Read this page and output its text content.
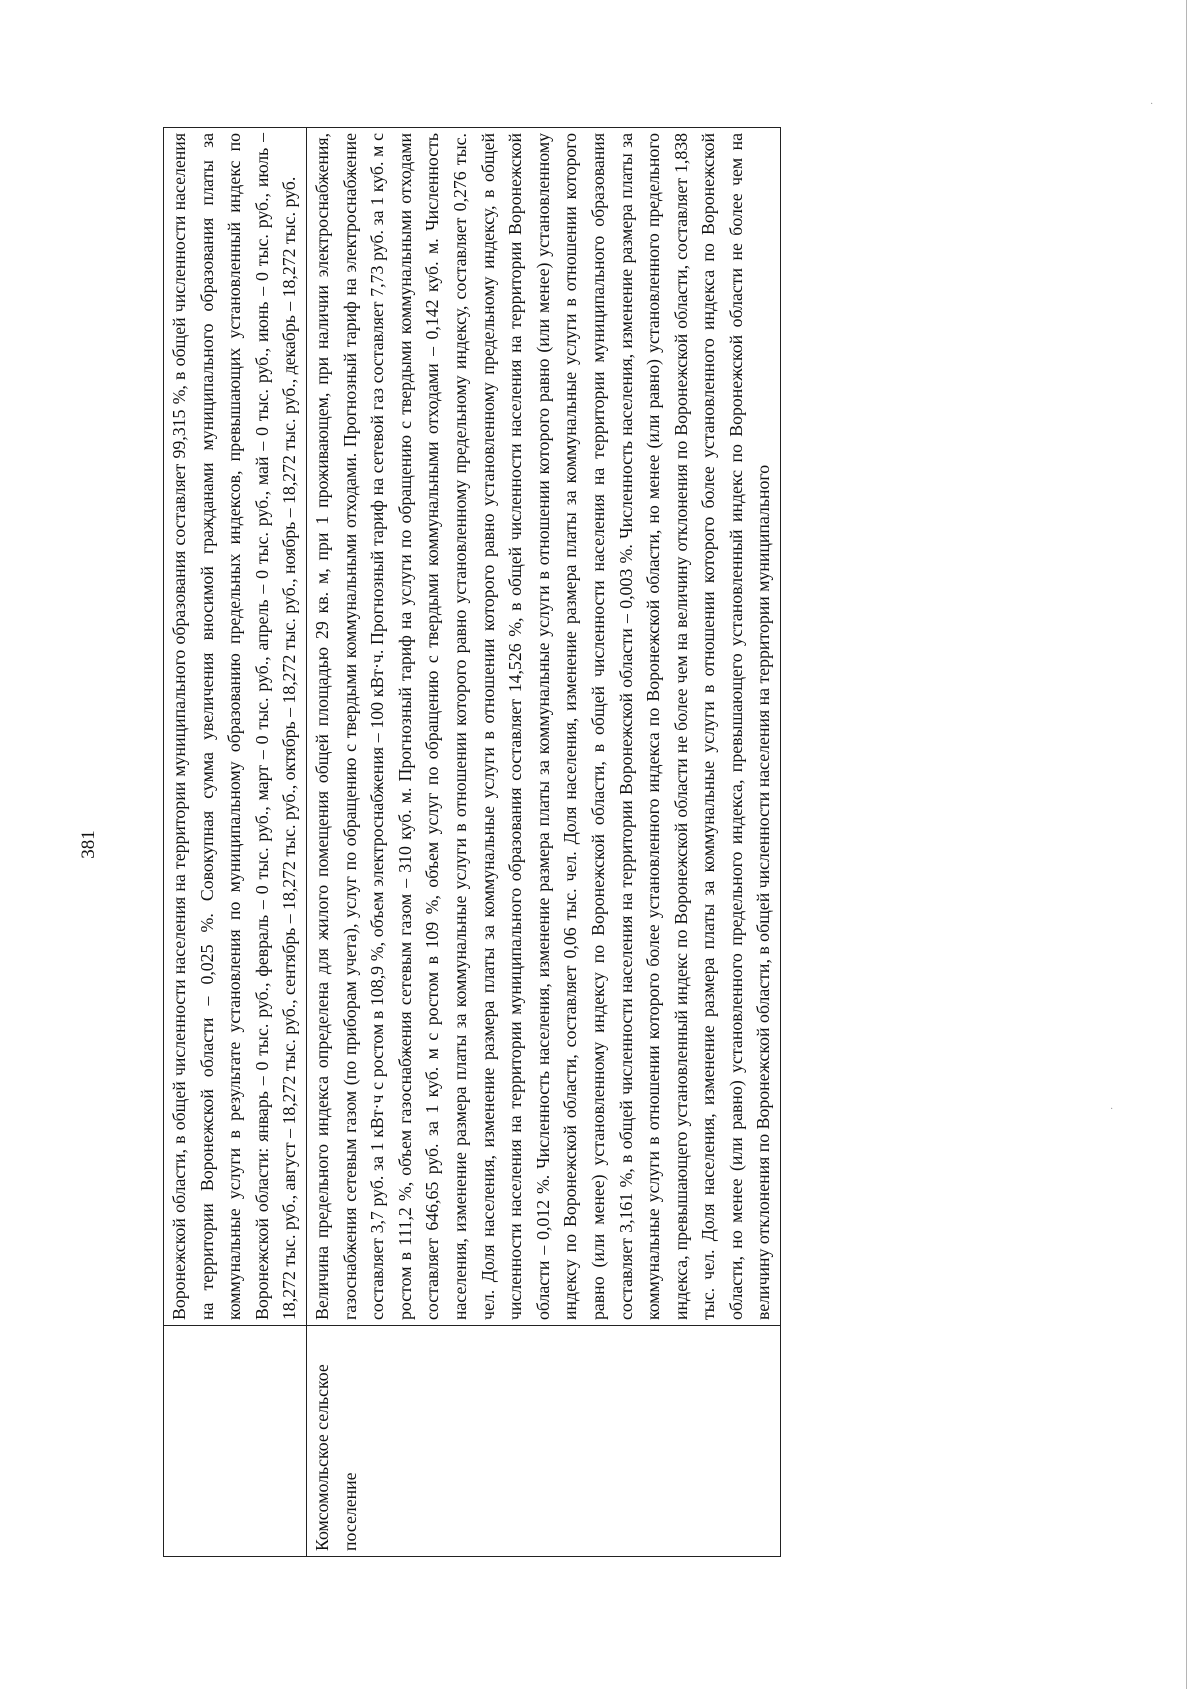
381
		Воронежской области, в общей численности населения на территории муниципального образования составляет 99,315 %, в общей численности населения на территории Воронежской области – 0,025 %. Совокупная сумма увеличения вносимой гражданами муниципального образования платы за коммунальные услуги в результате установления по муниципальному образованию предельных индексов, превышающих установленный индекс по Воронежской области: январь – 0 тыс. руб., февраль – 0 тыс. руб., март – 0 тыс. руб., апрель – 0 тыс. руб., май – 0 тыс. руб., июнь – 0 тыс. руб., июль – 18,272 тыс. руб., август – 18,272 тыс. руб., сентябрь – 18,272 тыс. руб., октябрь – 18,272 тыс. руб., ноябрь – 18,272 тыс. руб., декабрь – 18,272 тыс. руб.
Комсомольское сельское поселение	Величина предельного индекса определена для жилого помещения общей площадью 29 кв. м, при 1 проживающем, при наличии электроснабжения, газоснабжения сетевым газом (по приборам учета), услуг по обращению с твердыми коммунальными отходами. Прогнозный тариф на электроснабжение составляет 3,7 руб. за 1 кВт·ч с ростом в 108,9 %, объем электроснабжения – 100 кВт·ч. Прогнозный тариф на сетевой газ составляет 7,73 руб. за 1 куб. м с ростом в 111,2 %, объем газоснабжения сетевым газом – 310 куб. м. Прогнозный тариф на услуги по обращению с твердыми коммунальными отходами составляет 646,65 руб. за 1 куб. м с ростом в 109 %, объем услуг по обращению с твердыми коммунальными отходами – 0,142 куб. м. Численность населения, изменение размера платы за коммунальные услуги в отношении которого равно установленному предельному индексу, составляет 0,276 тыс. чел. Доля населения, изменение размера платы за коммунальные услуги в отношении которого равно установленному предельному индексу, в общей численности населения на территории муниципального образования составляет 14,526 %, в общей численности населения на территории Воронежской области – 0,012 %. Численность населения, изменение размера платы за коммунальные услуги в отношении которого равно (или менее) установленному индексу по Воронежской области, составляет 0,06 тыс. чел. Доля населения, изменение размера платы за коммунальные услуги в отношении которого равно (или менее) установленному индексу по Воронежской области, в общей численности населения на территории муниципального образования составляет 3,161 %, в общей численности населения на территории Воронежской области – 0,003 %. Численность населения, изменение размера платы за коммунальные услуги в отношении которого более установленного индекса по Воронежской области, но менее (или равно) установленного предельного индекса, превышающего установленный индекс по Воронежской области не более чем на величину отклонения по Воронежской области, составляет 1,838 тыс. чел. Доля населения, изменение размера платы за коммунальные услуги в отношении которого более установленного индекса по Воронежской области, но менее (или равно) установленного предельного индекса, превышающего установленный индекс по Воронежской области не более чем на величину отклонения по Воронежской области, в общей численности населения на территории муниципального
·
·
